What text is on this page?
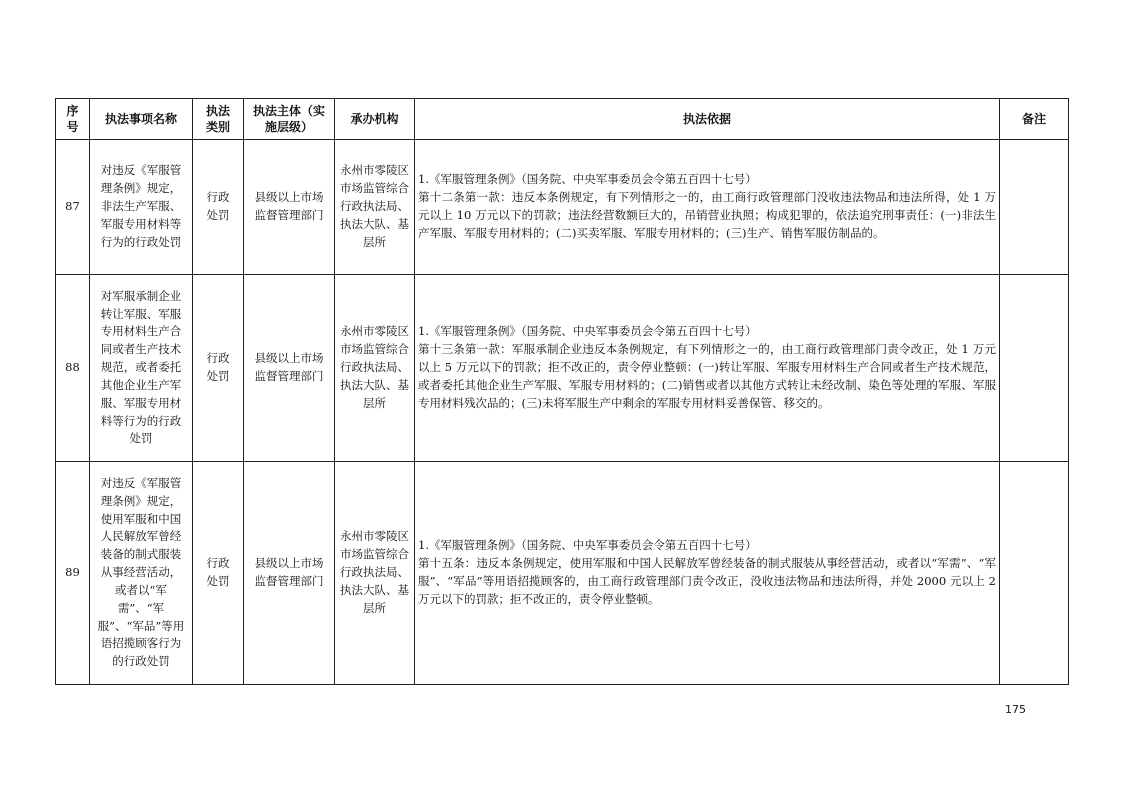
序号	执法事项名称	执法类别	执法主体（实施层级）	承办机构	执法依据	备注
87	对违反《军服管理条例》规定，非法生产军服、军服专用材料等行为的行政处罚	行政处罚	县级以上市场监督管理部门	永州市零陵区市场监管综合行政执法局、执法大队、基层所	1.《军服管理条例》（国务院、中央军事委员会令第五百四十七号）
第十二条第一款：违反本条例规定，有下列情形之一的，由工商行政管理部门没收违法物品和违法所得，处 1 万元以上 10 万元以下的罚款；违法经营数额巨大的，吊销营业执照；构成犯罪的，依法追究刑事责任：(一)非法生产军服、军服专用材料的；(二)买卖军服、军服专用材料的；(三)生产、销售军服仿制品的。	

88	对军服承制企业转让军服、军服专用材料生产合同或者生产技术规范，或者委托其他企业生产军服、军服专用材料等行为的行政处罚	行政处罚	县级以上市场监督管理部门	永州市零陵区市场监管综合行政执法局、执法大队、基层所	1.《军服管理条例》（国务院、中央军事委员会令第五百四十七号）
第十三条第一款：军服承制企业违反本条例规定，有下列情形之一的，由工商行政管理部门责令改正，处 1 万元以上 5 万元以下的罚款；拒不改正的，责令停业整顿：(一)转让军服、军服专用材料生产合同或者生产技术规范，或者委托其他企业生产军服、军服专用材料的；(二)销售或者以其他方式转让未经改制、染色等处理的军服、军服专用材料残次品的；(三)未将军服生产中剩余的军服专用材料妥善保管、移交的。	

89	对违反《军服管理条例》规定，使用军服和中国人民解放军曾经装备的制式服装从事经营活动，或者以“军需”、“军服”、“军品”等用语招揽顾客行为的行政处罚	行政处罚	县级以上市场监督管理部门	永州市零陵区市场监管综合行政执法局、执法大队、基层所	1.《军服管理条例》（国务院、中央军事委员会令第五百四十七号）
第十五条：违反本条例规定，使用军服和中国人民解放军曾经装备的制式服装从事经营活动，或者以“军需”、“军服”、“军品”等用语招揽顾客的，由工商行政管理部门责令改正，没收违法物品和违法所得，并处 2000 元以上 2 万元以下的罚款；拒不改正的，责令停业整顿。	

175
